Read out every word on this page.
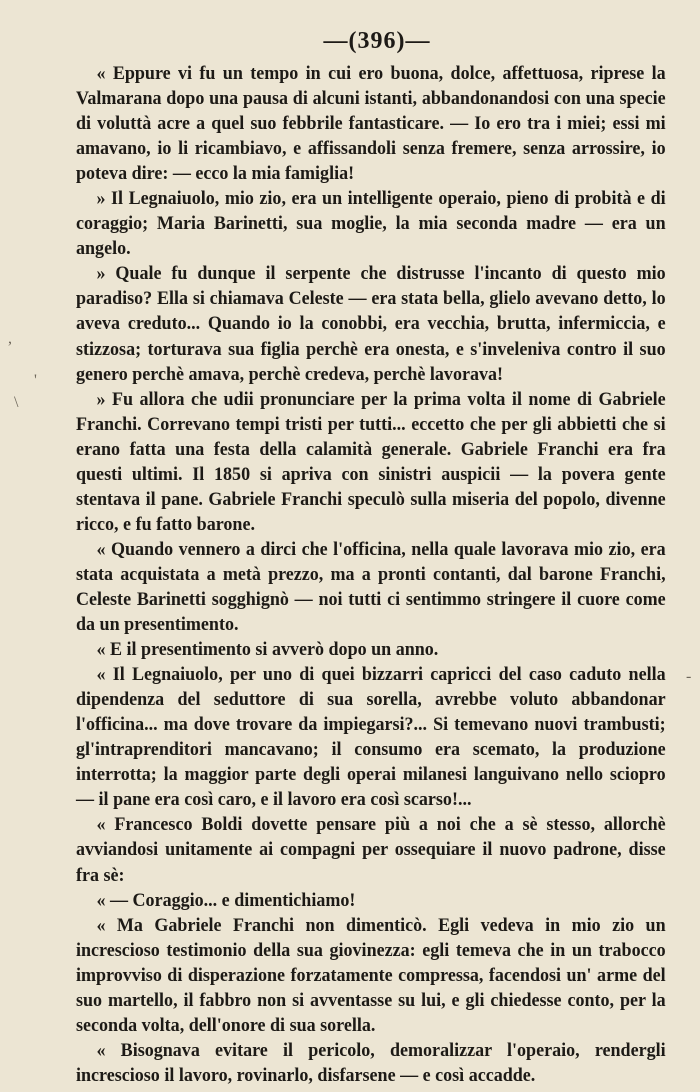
,
'
\
-
—(396)—

« Eppure vi fu un tempo in cui ero buona, dolce, affettuosa, riprese la Valmarana dopo una pausa di alcuni istanti, abbandonandosi con una specie di voluttà acre a quel suo febbrile fantasticare. — Io ero tra i miei; essi mi amavano, io li ricambiavo, e affissandoli senza fremere, senza arrossire, io poteva dire: — ecco la mia famiglia!

» Il Legnaiuolo, mio zio, era un intelligente operaio, pieno di probità e di coraggio; Maria Barinetti, sua moglie, la mia seconda madre — era un angelo.

» Quale fu dunque il serpente che distrusse l'incanto di questo mio paradiso? Ella si chiamava Celeste — era stata bella, glielo avevano detto, lo aveva creduto... Quando io la conobbi, era vecchia, brutta, infermiccia, e stizzosa; torturava sua figlia perchè era onesta, e s'inveleniva contro il suo genero perchè amava, perchè credeva, perchè lavorava!

» Fu allora che udii pronunciare per la prima volta il nome di Gabriele Franchi. Correvano tempi tristi per tutti... eccetto che per gli abbietti che si erano fatta una festa della calamità generale. Gabriele Franchi era fra questi ultimi. Il 1850 si apriva con sinistri auspicii — la povera gente stentava il pane. Gabriele Franchi speculò sulla miseria del popolo, divenne ricco, e fu fatto barone.

« Quando vennero a dirci che l'officina, nella quale lavorava mio zio, era stata acquistata a metà prezzo, ma a pronti contanti, dal barone Franchi, Celeste Barinetti sogghignò — noi tutti ci sentimmo stringere il cuore come da un presentimento.

« E il presentimento si avverò dopo un anno.

« Il Legnaiuolo, per uno di quei bizzarri capricci del caso caduto nella dipendenza del seduttore di sua sorella, avrebbe voluto abbandonar l'officina... ma dove trovare da impiegarsi?... Si temevano nuovi trambusti; gl'intraprenditori mancavano; il consumo era scemato, la produzione interrotta; la maggior parte degli operai milanesi languivano nello sciopro — il pane era così caro, e il lavoro era così scarso!...

« Francesco Boldi dovette pensare più a noi che a sè stesso, allorchè avviandosi unitamente ai compagni per ossequiare il nuovo padrone, disse fra sè:

« — Coraggio... e dimentichiamo!

« Ma Gabriele Franchi non dimenticò. Egli vedeva in mio zio un increscioso testimonio della sua giovinezza: egli temeva che in un trabocco improvviso di disperazione forzatamente compressa, facendosi un' arme del suo martello, il fabbro non si avventasse su lui, e gli chiedesse conto, per la seconda volta, dell'onore di sua sorella.

« Bisognava evitare il pericolo, demoralizzar l'operaio, rendergli increscioso il lavoro, rovinarlo, disfarsene — e così accadde.
